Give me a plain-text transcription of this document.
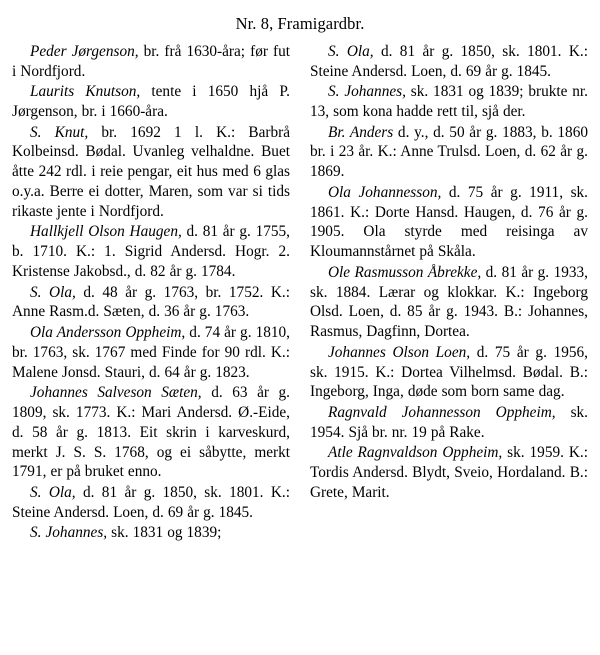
Nr. 8, Framigardbr.

Peder Jørgenson, br. frå 1630-åra; før fut i Nordfjord.

Laurits Knutson, tente i 1650 hjå P. Jørgenson, br. i 1660-åra.

S. Knut, br. 1692 1 l. K.: Barbrå Kolbeinsd. Bødal. Uvanleg velhaldne. Buet åtte 242 rdl. i reie pengar, eit hus med 6 glas o.y.a. Berre ei dotter, Maren, som var si tids rikaste jente i Nordfjord.

Hallkjell Olson Haugen, d. 81 år g. 1755, b. 1710. K.: 1. Sigrid Andersd. Hogr. 2. Kristense Jakobsd., d. 82 år g. 1784.

S. Ola, d. 48 år g. 1763, br. 1752. K.: Anne Rasm.d. Sæten, d. 36 år g. 1763.

Ola Andersson Oppheim, d. 74 år g. 1810, br. 1763, sk. 1767 med Finde for 90 rdl. K.: Malene Jonsd. Stauri, d. 64 år g. 1823.

Johannes Salveson Sæten, d. 63 år g. 1809, sk. 1773. K.: Mari Andersd. Ø.-Eide, d. 58 år g. 1813. Eit skrin i karveskurd, merkt J. S. S. 1768, og ei såbytte, merkt 1791, er på bruket enno.

S. Ola, d. 81 år g. 1850, sk. 1801. K.: Steine Andersd. Loen, d. 69 år g. 1845.

S. Johannes, sk. 1831 og 1839;

S. Ola, d. 81 år g. 1850, sk. 1801. K.: Steine Andersd. Loen, d. 69 år g. 1845.

S. Johannes, sk. 1831 og 1839; brukte nr. 13, som kona hadde rett til, sjå der.

Br. Anders d. y., d. 50 år g. 1883, b. 1860 br. i 23 år. K.: Anne Trulsd. Loen, d. 62 år g. 1869.

Ola Johannesson, d. 75 år g. 1911, sk. 1861. K.: Dorte Hansd. Haugen, d. 76 år g. 1905. Ola styrde med reisinga av Kloumannstårnet på Skåla.

Ole Rasmusson Åbrekke, d. 81 år g. 1933, sk. 1884. Lærar og klokkar. K.: Ingeborg Olsd. Loen, d. 85 år g. 1943. B.: Johannes, Rasmus, Dagfinn, Dortea.

Johannes Olson Loen, d. 75 år g. 1956, sk. 1915. K.: Dortea Vilhelmsd. Bødal. B.: Ingeborg, Inga, døde som born same dag.

Ragnvald Johannesson Oppheim, sk. 1954. Sjå br. nr. 19 på Rake.

Atle Ragnvaldson Oppheim, sk. 1959. K.: Tordis Andersd. Blydt, Sveio, Hordaland. B.: Grete, Marit.
